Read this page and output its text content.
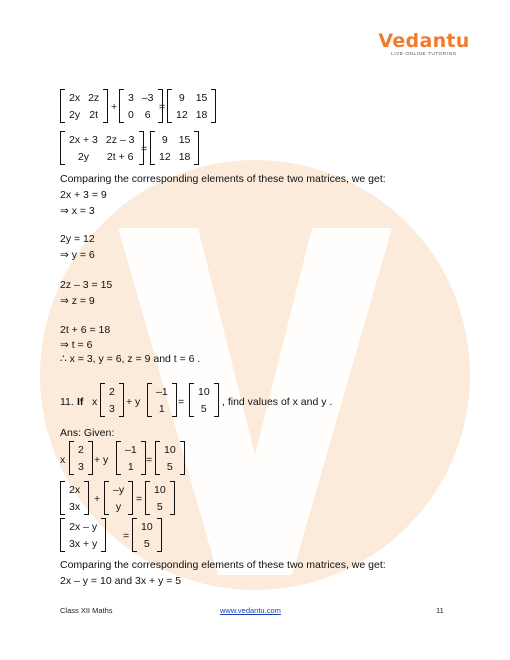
Vedantu
LIVE ONLINE TUTORING
2x	2z
2y	2t
+
3	–3
0	6
=
9	15
12	18
2x + 3	2z – 3
2y	2t + 6
=
9	15
12	18
Comparing the corresponding elements of these two matrices, we get:
2x + 3 = 9
⇒ x = 3
2y = 12
⇒ y = 6
2z – 3 = 15
⇒ z = 9
2t + 6 = 18
⇒ t = 6
∴ x = 3, y = 6, z = 9 and t = 6 .
11. If x
2
3
+ y
–1
1
=
10
5
, find values of x and y .
Ans: Given:
x
2
3
+ y
–1
1
=
10
5
2x
3x
+
–y
y
=
10
5
2x – y
3x + y
=
10
5
Comparing the corresponding elements of these two matrices, we get:
2x – y = 10 and 3x + y = 5
Class XII Maths	www.vedantu.com	11
